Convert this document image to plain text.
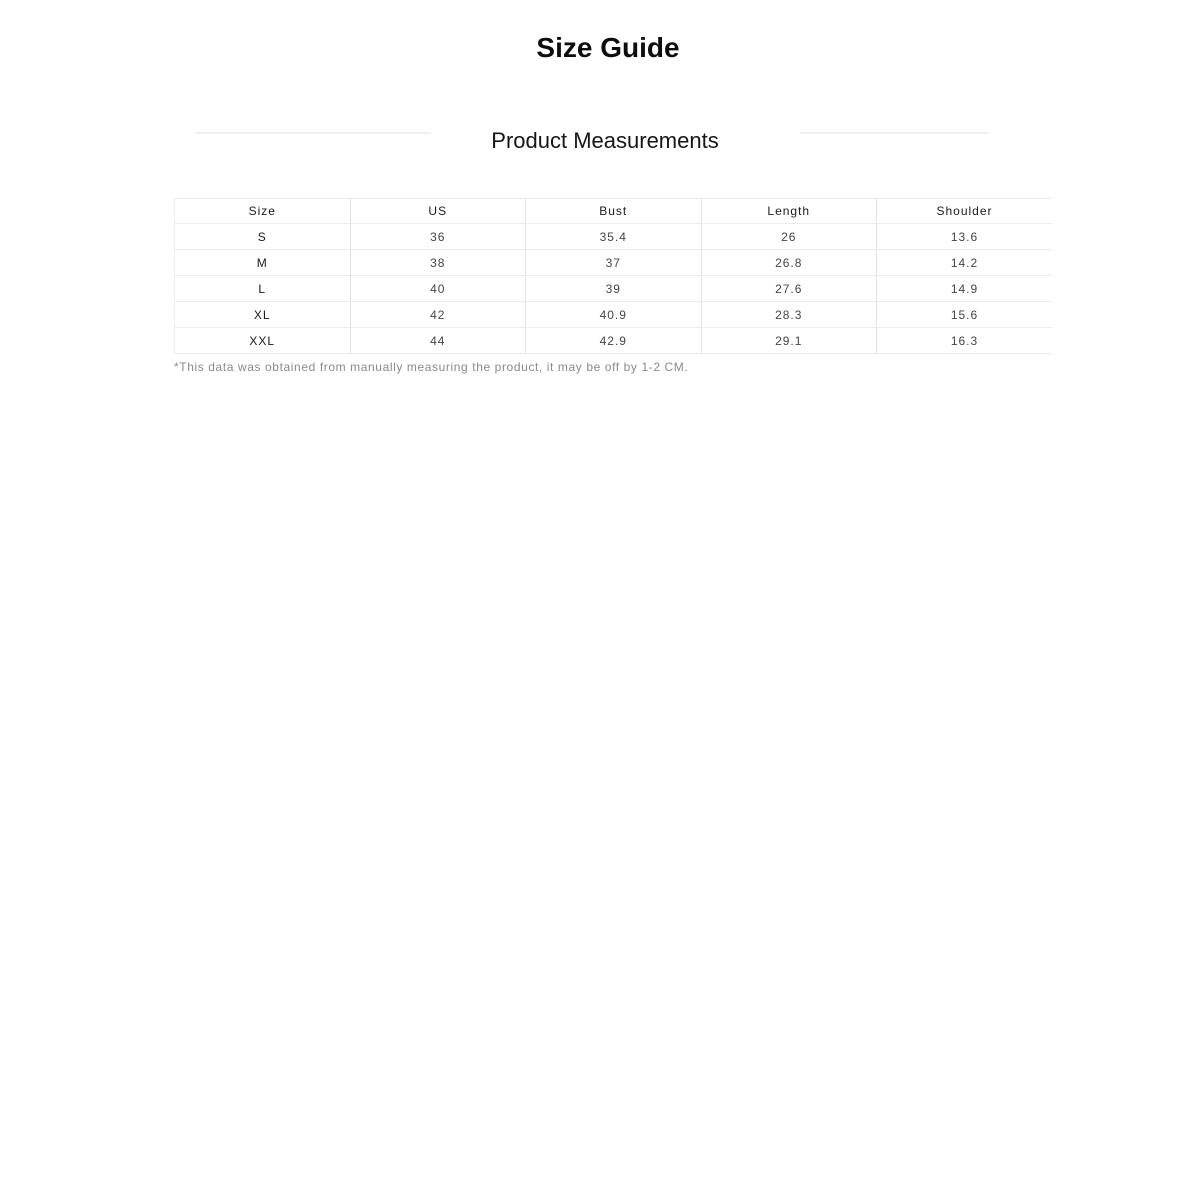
Size Guide
Product Measurements
Size	US	Bust	Length	Shoulder
S	36	35.4	26	13.6
M	38	37	26.8	14.2
L	40	39	27.6	14.9
XL	42	40.9	28.3	15.6
XXL	44	42.9	29.1	16.3

*This data was obtained from manually measuring the product, it may be off by 1-2 CM.
